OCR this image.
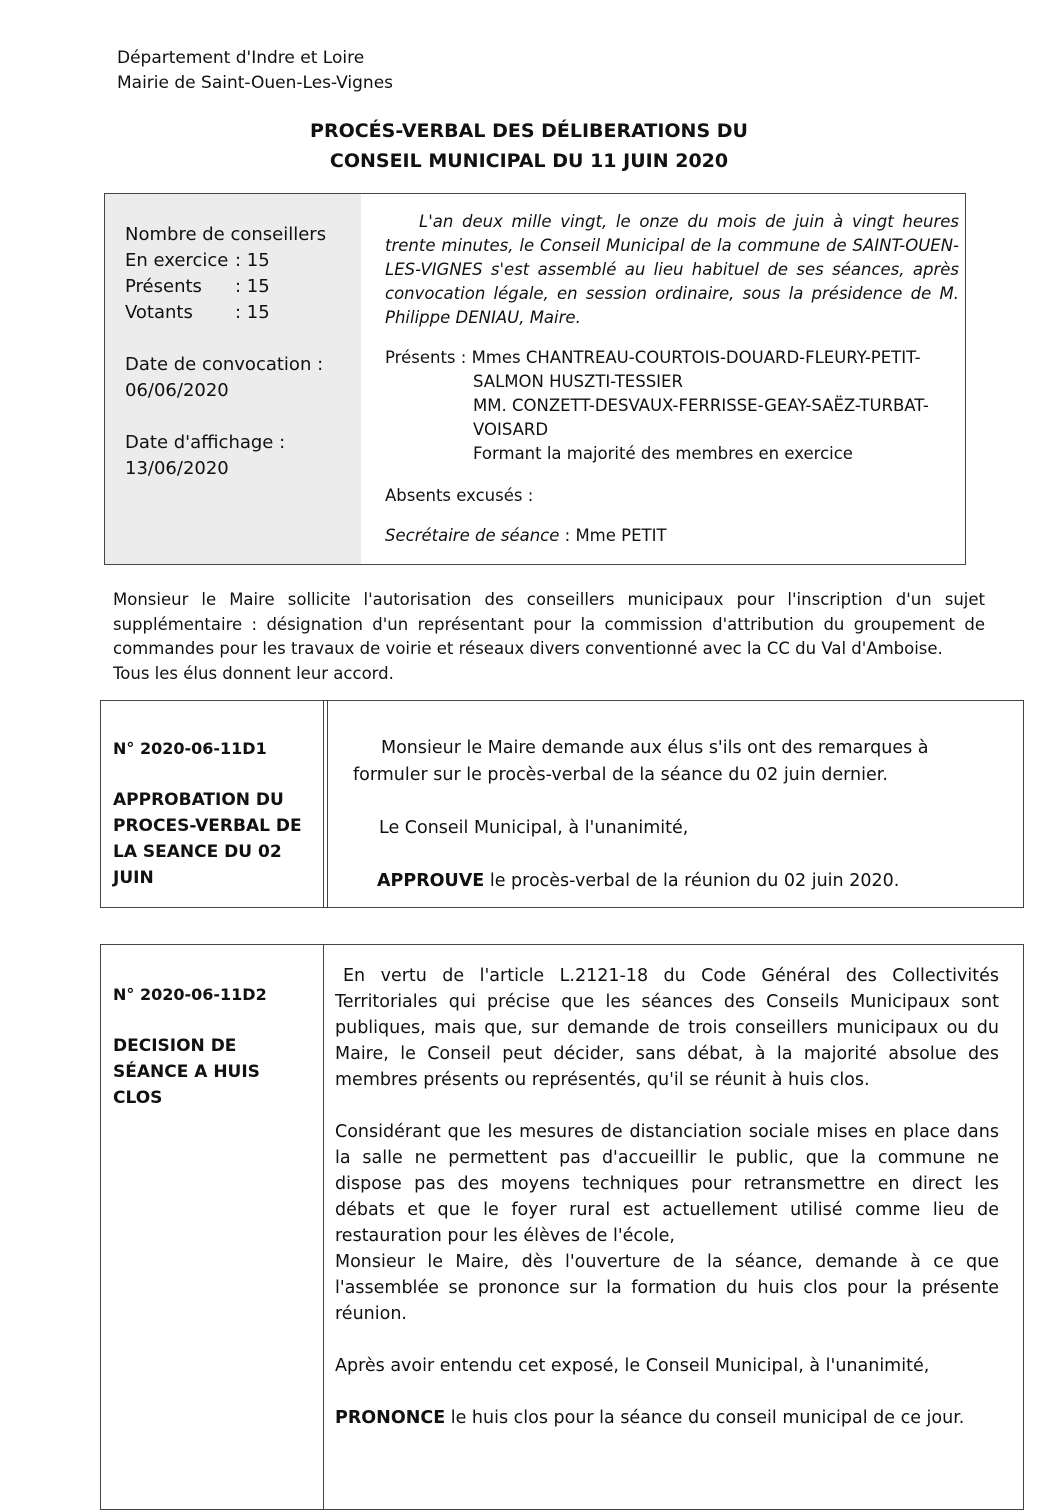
Département d'Indre et Loire
Mairie de Saint-Ouen-Les-Vignes
PROCÉS-VERBAL DES DÉLIBERATIONS DU
CONSEIL MUNICIPAL DU 11 JUIN 2020
Nombre de conseillers
En exercice : 15
Présents : 15
Votants : 15
Date de convocation :
06/06/2020
Date d'affichage :
13/06/2020

L'an deux mille vingt, le onze du mois de juin à vingt heures trente minutes, le Conseil Municipal de la commune de SAINT-OUEN-LES-VIGNES s'est assemblé au lieu habituel de ses séances, après convocation légale, en session ordinaire, sous la présidence de M. Philippe DENIAU, Maire.

Présents : Mmes CHANTREAU-COURTOIS-DOUARD-FLEURY-PETIT-
SALMON HUSZTI-TESSIER
MM. CONZETT-DESVAUX-FERRISSE-GEAY-SAËZ-TURBAT-
VOISARD
Formant la majorité des membres en exercice
Absents excusés :
Secrétaire de séance : Mme PETIT
Monsieur le Maire sollicite l'autorisation des conseillers municipaux pour l'inscription d'un sujet supplémentaire : désignation d'un représentant pour la commission d'attribution du groupement de commandes pour les travaux de voirie et réseaux divers conventionné avec la CC du Val d'Amboise.
Tous les élus donnent leur accord.
N° 2020-06-11D1
APPROBATION DU PROCES-VERBAL DE LA SEANCE DU 02 JUIN

Monsieur le Maire demande aux élus s'ils ont des remarques à formuler sur le procès-verbal de la séance du 02 juin dernier.

Le Conseil Municipal, à l'unanimité,

APPROUVE le procès-verbal de la réunion du 02 juin 2020.

N° 2020-06-11D2
DECISION DE SÉANCE A HUIS CLOS

En vertu de l'article L.2121-18 du Code Général des Collectivités Territoriales qui précise que les séances des Conseils Municipaux sont publiques, mais que, sur demande de trois conseillers municipaux ou du Maire, le Conseil peut décider, sans débat, à la majorité absolue des membres présents ou représentés, qu'il se réunit à huis clos.

Considérant que les mesures de distanciation sociale mises en place dans la salle ne permettent pas d'accueillir le public, que la commune ne dispose pas des moyens techniques pour retransmettre en direct les débats et que le foyer rural est actuellement utilisé comme lieu de restauration pour les élèves de l'école,

Monsieur le Maire, dès l'ouverture de la séance, demande à ce que l'assemblée se prononce sur la formation du huis clos pour la présente réunion.

Après avoir entendu cet exposé, le Conseil Municipal, à l'unanimité,

PRONONCE le huis clos pour la séance du conseil municipal de ce jour.
